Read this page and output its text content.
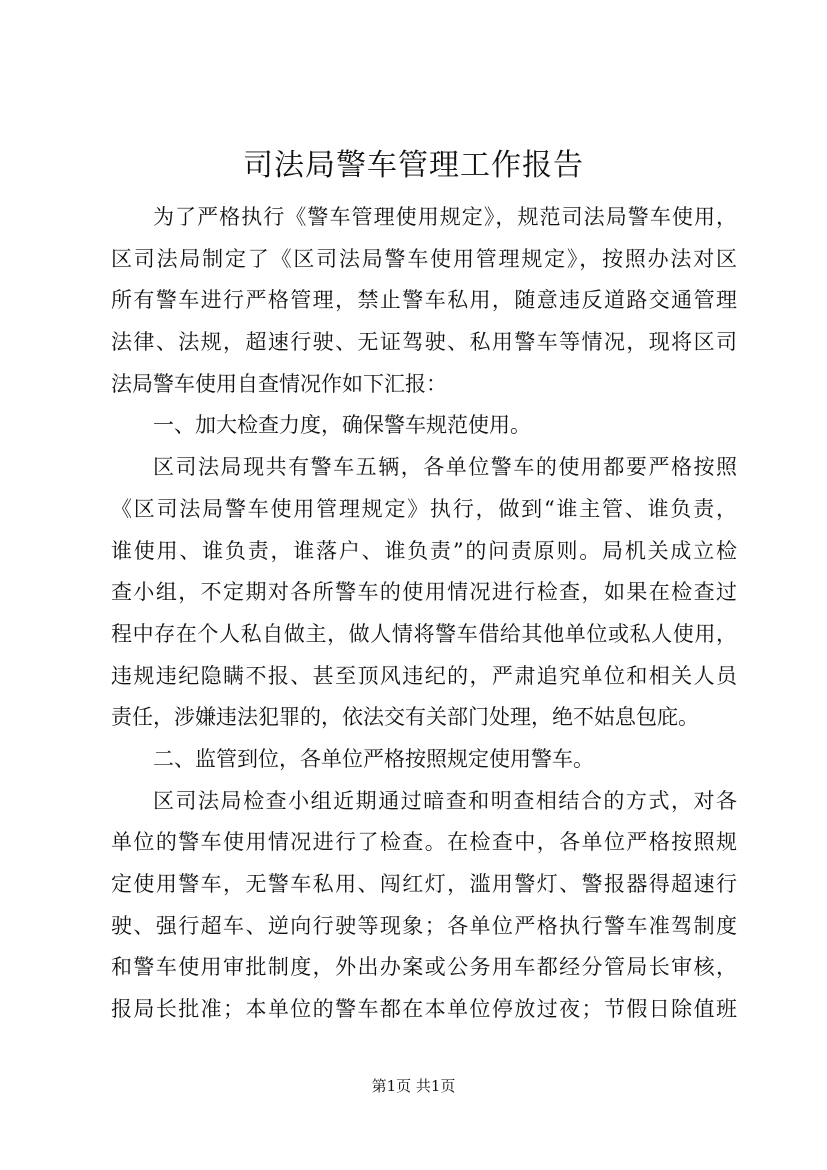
司法局警车管理工作报告
为了严格执行《警车管理使用规定》，规范司法局警车使用，
区司法局制定了《区司法局警车使用管理规定》，按照办法对区
所有警车进行严格管理，禁止警车私用，随意违反道路交通管理
法律、法规，超速行驶、无证驾驶、私用警车等情况，现将区司
法局警车使用自查情况作如下汇报：
一、加大检查力度，确保警车规范使用。
区司法局现共有警车五辆，各单位警车的使用都要严格按照
《区司法局警车使用管理规定》执行，做到“谁主管、谁负责，
谁使用、谁负责，谁落户、谁负责”的问责原则。局机关成立检
查小组，不定期对各所警车的使用情况进行检查，如果在检查过
程中存在个人私自做主，做人情将警车借给其他单位或私人使用，
违规违纪隐瞒不报、甚至顶风违纪的，严肃追究单位和相关人员
责任，涉嫌违法犯罪的，依法交有关部门处理，绝不姑息包庇。
二、监管到位，各单位严格按照规定使用警车。
区司法局检查小组近期通过暗查和明查相结合的方式，对各
单位的警车使用情况进行了检查。在检查中，各单位严格按照规
定使用警车，无警车私用、闯红灯，滥用警灯、警报器得超速行
驶、强行超车、逆向行驶等现象；各单位严格执行警车准驾制度
和警车使用审批制度，外出办案或公务用车都经分管局长审核，
报局长批准；本单位的警车都在本单位停放过夜；节假日除值班
第1页 共1页
